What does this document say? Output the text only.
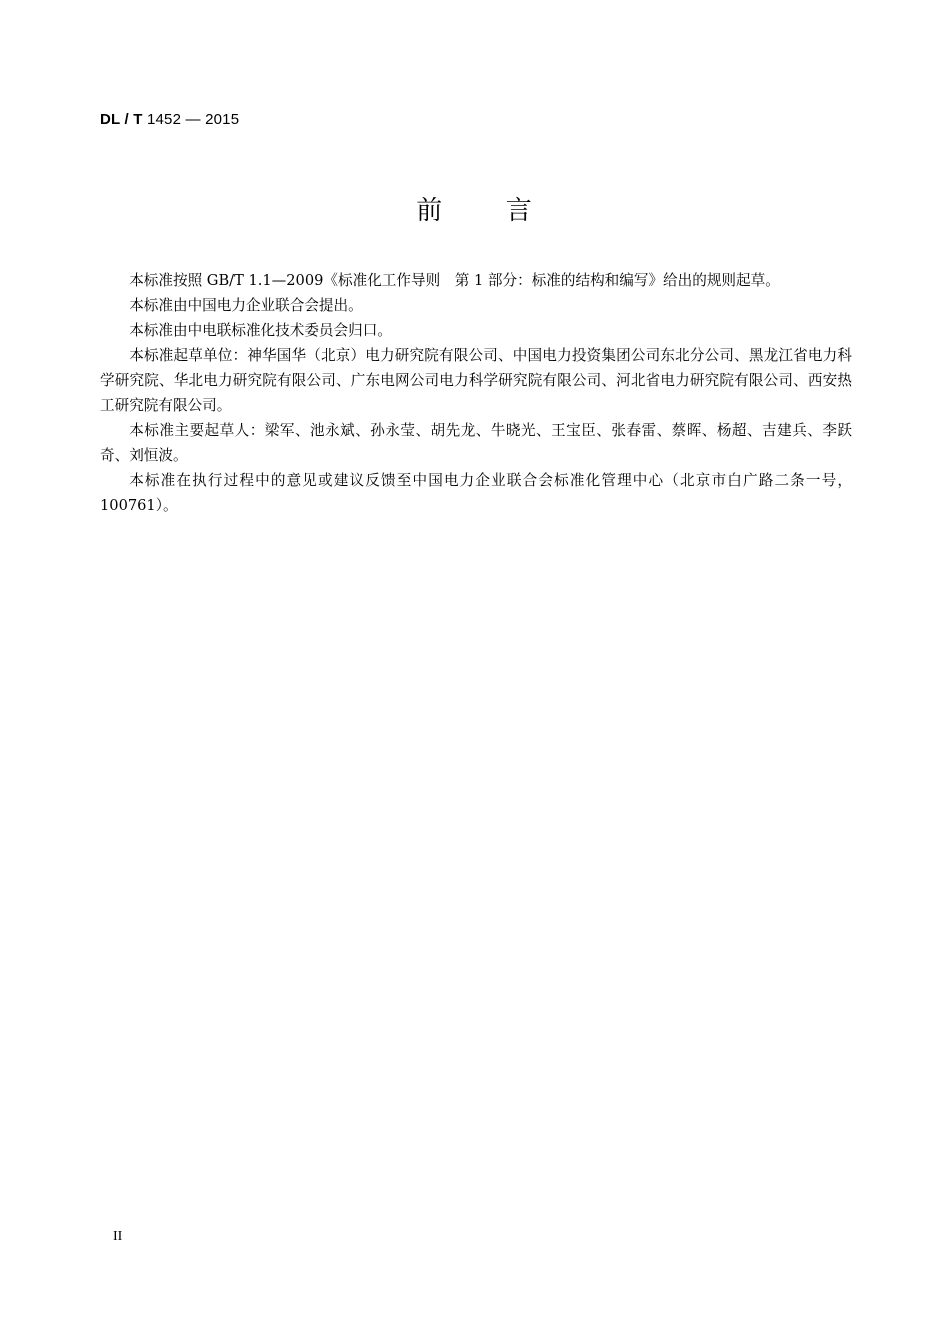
DL / T 1452 — 2015
前      言

本标准按照 GB/T 1.1—2009《标准化工作导则　第 1 部分：标准的结构和编写》给出的规则起草。

本标准由中国电力企业联合会提出。

本标准由中电联标准化技术委员会归口。

本标准起草单位：神华国华（北京）电力研究院有限公司、中国电力投资集团公司东北分公司、黑龙江省电力科学研究院、华北电力研究院有限公司、广东电网公司电力科学研究院有限公司、河北省电力研究院有限公司、西安热工研究院有限公司。

本标准主要起草人：梁军、池永斌、孙永莹、胡先龙、牛晓光、王宝臣、张春雷、蔡晖、杨超、吉建兵、李跃奇、刘恒波。

本标准在执行过程中的意见或建议反馈至中国电力企业联合会标准化管理中心（北京市白广路二条一号，100761）。

II
